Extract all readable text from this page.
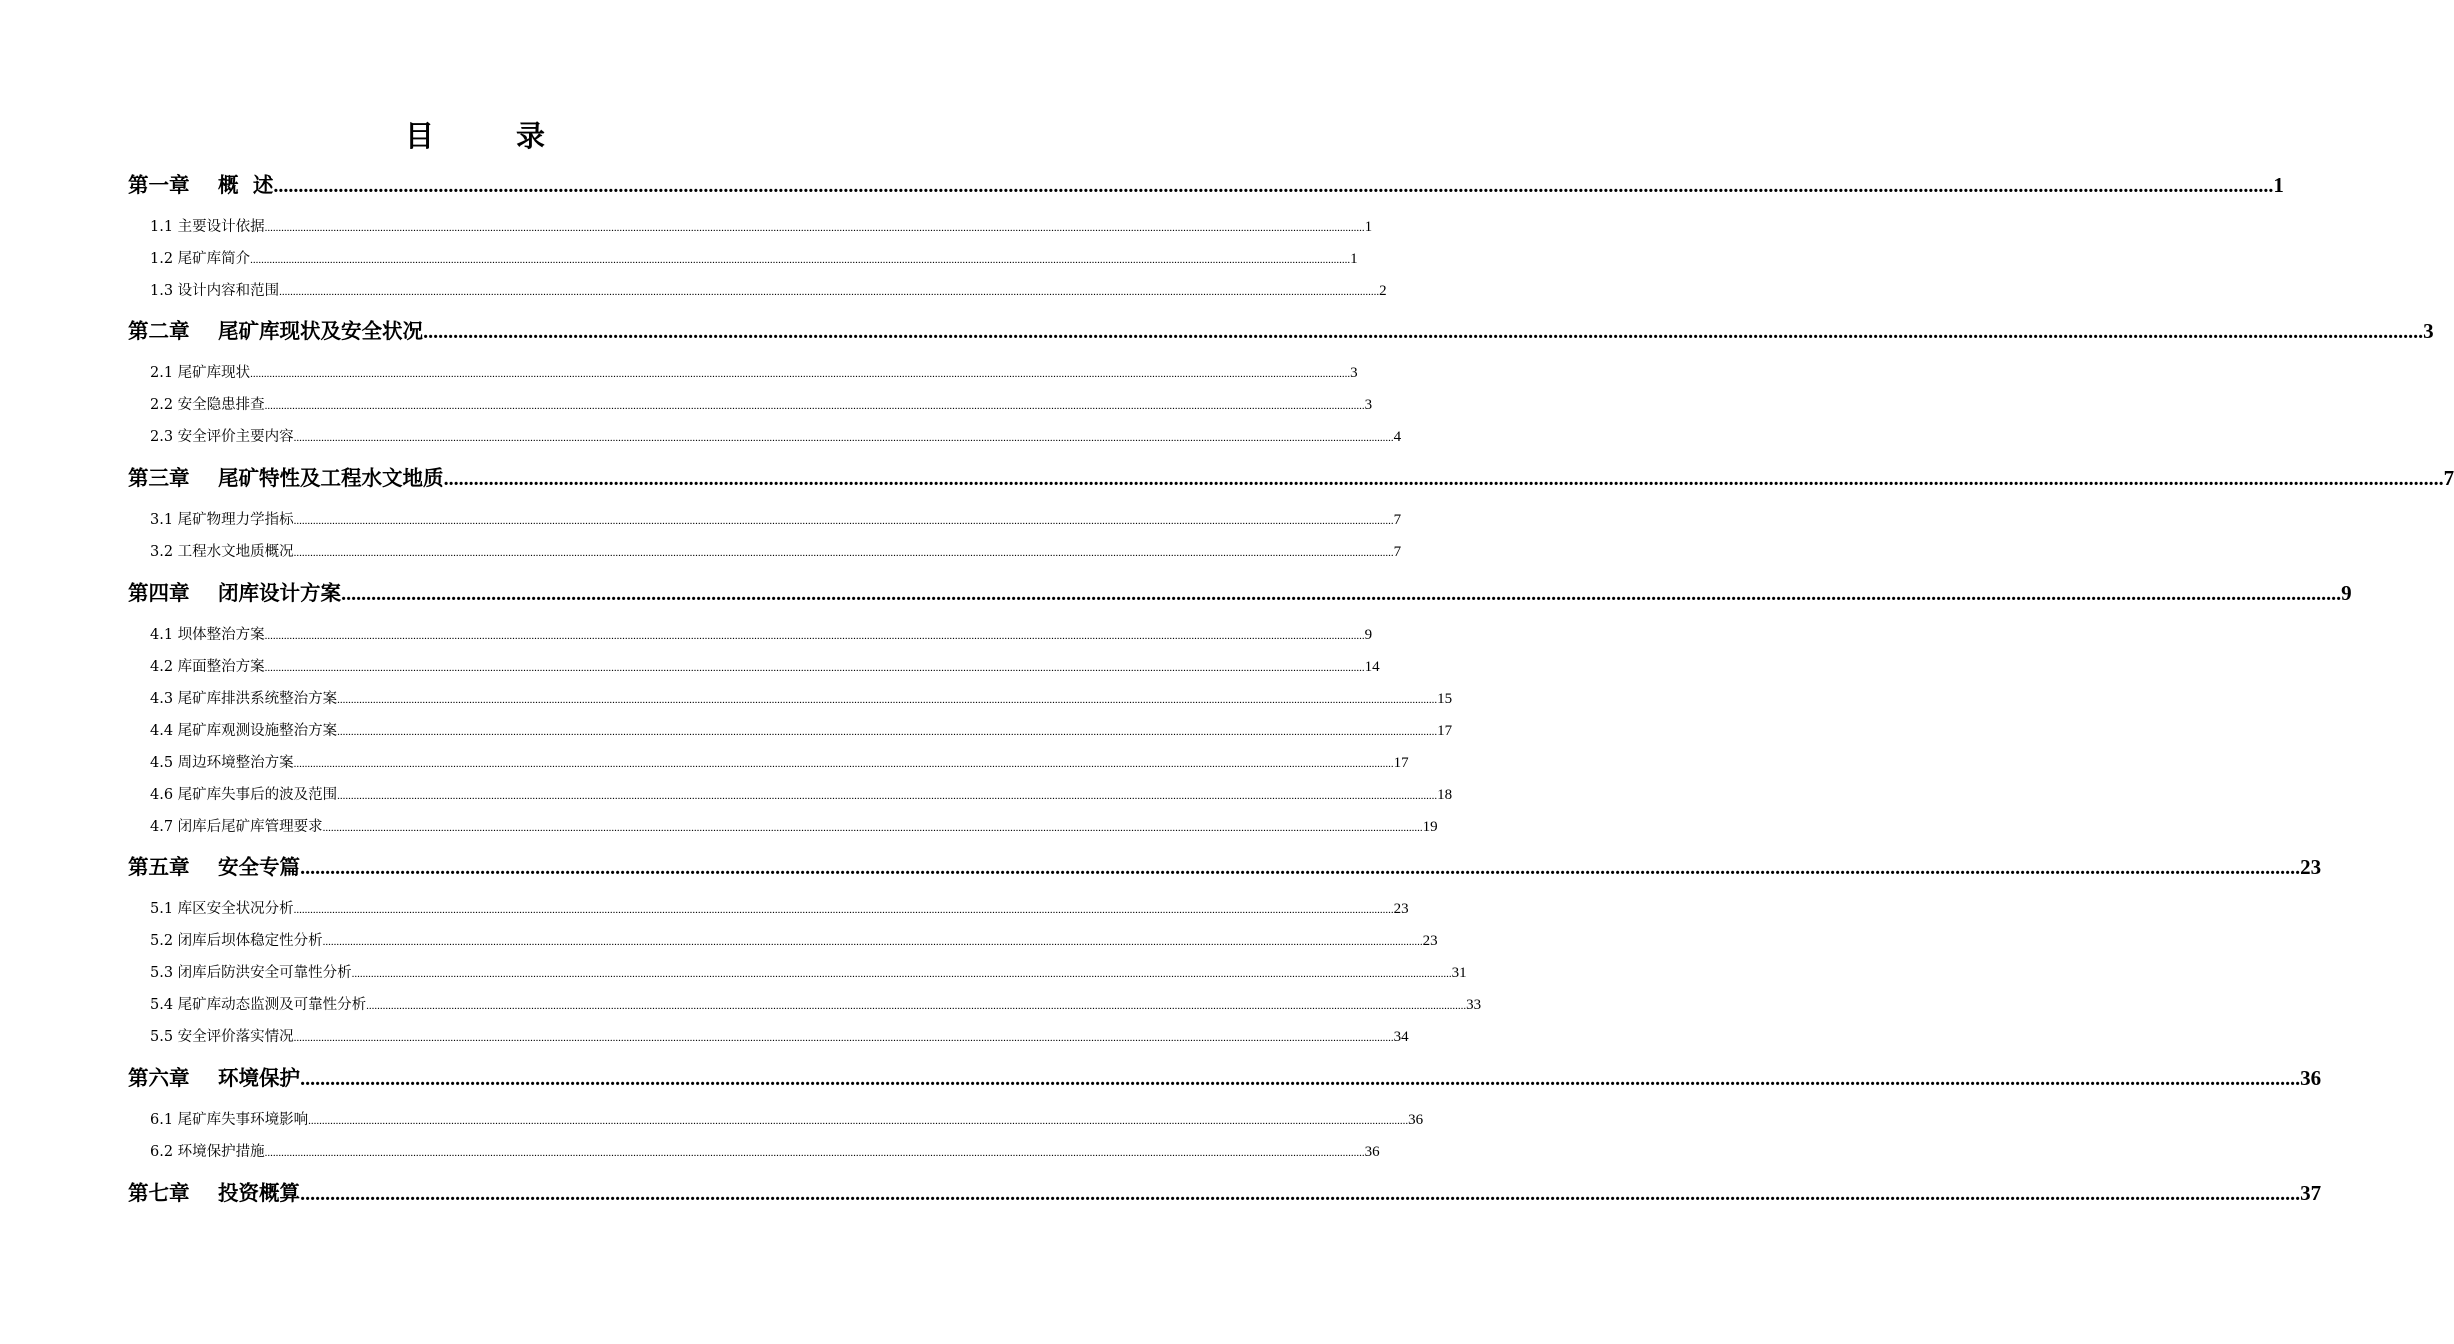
目 录
第一章    概  述 ................................................................................................................................................................................................................................................................................................................................................................................................................ 1
1.1 主要设计依据 ................................................................................................................................................................................................................................................................................................................................................................................................................ 1
1.2 尾矿库简介 ................................................................................................................................................................................................................................................................................................................................................................................................................ 1
1.3 设计内容和范围 ................................................................................................................................................................................................................................................................................................................................................................................................................ 2
第二章    尾矿库现状及安全状况 ................................................................................................................................................................................................................................................................................................................................................................................................................ 3
2.1 尾矿库现状 ................................................................................................................................................................................................................................................................................................................................................................................................................ 3
2.2 安全隐患排查 ................................................................................................................................................................................................................................................................................................................................................................................................................ 3
2.3 安全评价主要内容 ................................................................................................................................................................................................................................................................................................................................................................................................................ 4
第三章    尾矿特性及工程水文地质 ................................................................................................................................................................................................................................................................................................................................................................................................................ 7
3.1 尾矿物理力学指标 ................................................................................................................................................................................................................................................................................................................................................................................................................ 7
3.2 工程水文地质概况 ................................................................................................................................................................................................................................................................................................................................................................................................................ 7
第四章    闭库设计方案 ................................................................................................................................................................................................................................................................................................................................................................................................................ 9
4.1 坝体整治方案 ................................................................................................................................................................................................................................................................................................................................................................................................................ 9
4.2 库面整治方案 ................................................................................................................................................................................................................................................................................................................................................................................................................ 14
4.3 尾矿库排洪系统整治方案 ................................................................................................................................................................................................................................................................................................................................................................................................................ 15
4.4 尾矿库观测设施整治方案 ................................................................................................................................................................................................................................................................................................................................................................................................................ 17
4.5 周边环境整治方案 ................................................................................................................................................................................................................................................................................................................................................................................................................ 17
4.6 尾矿库失事后的波及范围 ................................................................................................................................................................................................................................................................................................................................................................................................................ 18
4.7 闭库后尾矿库管理要求 ................................................................................................................................................................................................................................................................................................................................................................................................................ 19
第五章    安全专篇 ................................................................................................................................................................................................................................................................................................................................................................................................................ 23
5.1 库区安全状况分析 ................................................................................................................................................................................................................................................................................................................................................................................................................ 23
5.2 闭库后坝体稳定性分析 ................................................................................................................................................................................................................................................................................................................................................................................................................ 23
5.3 闭库后防洪安全可靠性分析 ................................................................................................................................................................................................................................................................................................................................................................................................................ 31
5.4 尾矿库动态监测及可靠性分析 ................................................................................................................................................................................................................................................................................................................................................................................................................ 33
5.5 安全评价落实情况 ................................................................................................................................................................................................................................................................................................................................................................................................................ 34
第六章    环境保护 ................................................................................................................................................................................................................................................................................................................................................................................................................ 36
6.1 尾矿库失事环境影响 ................................................................................................................................................................................................................................................................................................................................................................................................................ 36
6.2 环境保护措施 ................................................................................................................................................................................................................................................................................................................................................................................................................ 36
第七章    投资概算 ................................................................................................................................................................................................................................................................................................................................................................................................................ 37
